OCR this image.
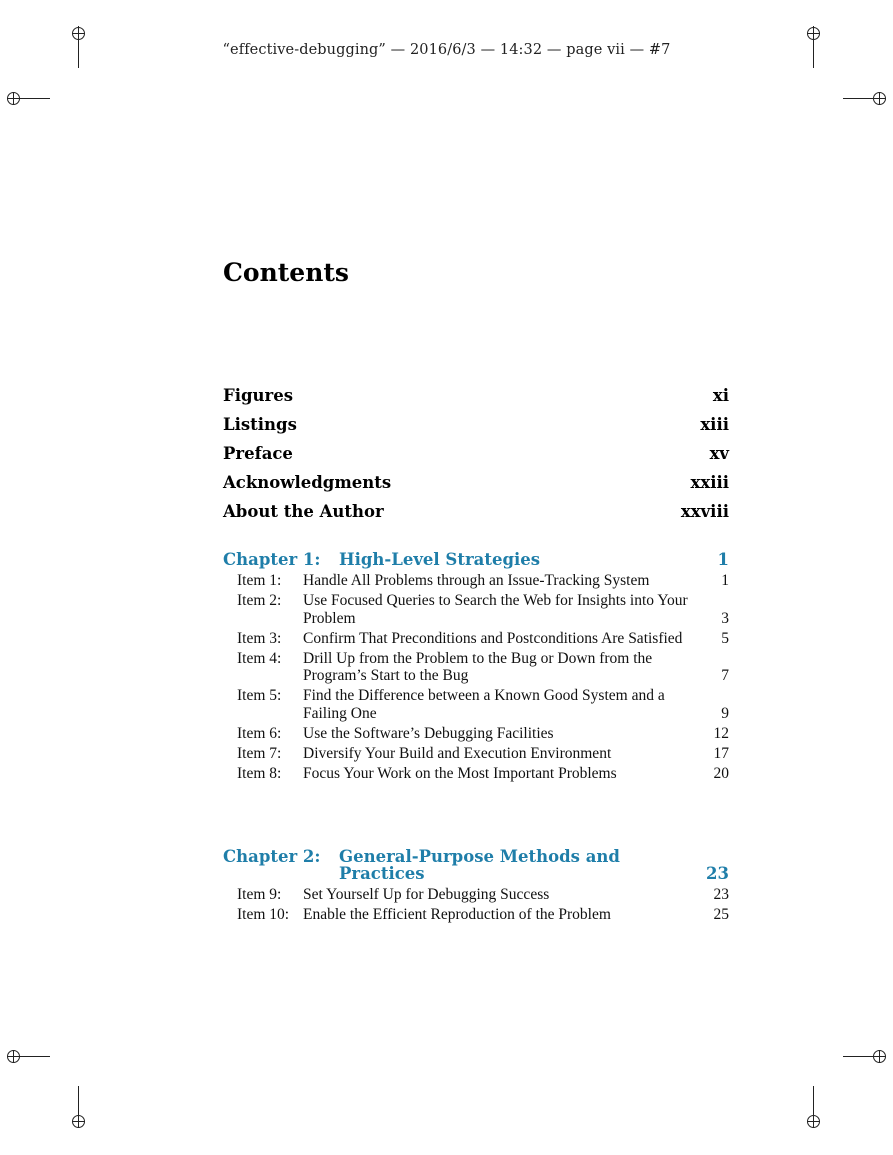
“effective-debugging” — 2016/6/3 — 14:32 — page vii — #7
Contents
Figures	xi
Listings	xiii
Preface	xv
Acknowledgments	xxiii
About the Author	xxviii
Chapter 1:	High-Level Strategies	1
Item 1:	Handle All Problems through an Issue-Tracking System	1
Item 2:	Use Focused Queries to Search the Web for Insights into Your Problem	3
Item 3:	Confirm That Preconditions and Postconditions Are Satisfied	5
Item 4:	Drill Up from the Problem to the Bug or Down from the Program’s Start to the Bug	7
Item 5:	Find the Difference between a Known Good System and a Failing One	9
Item 6:	Use the Software’s Debugging Facilities	12
Item 7:	Diversify Your Build and Execution Environment	17
Item 8:	Focus Your Work on the Most Important Problems	20
Chapter 2:	General-Purpose Methods and Practices	23
Item 9:	Set Yourself Up for Debugging Success	23
Item 10: Enable the Efficient Reproduction of the Problem	25
